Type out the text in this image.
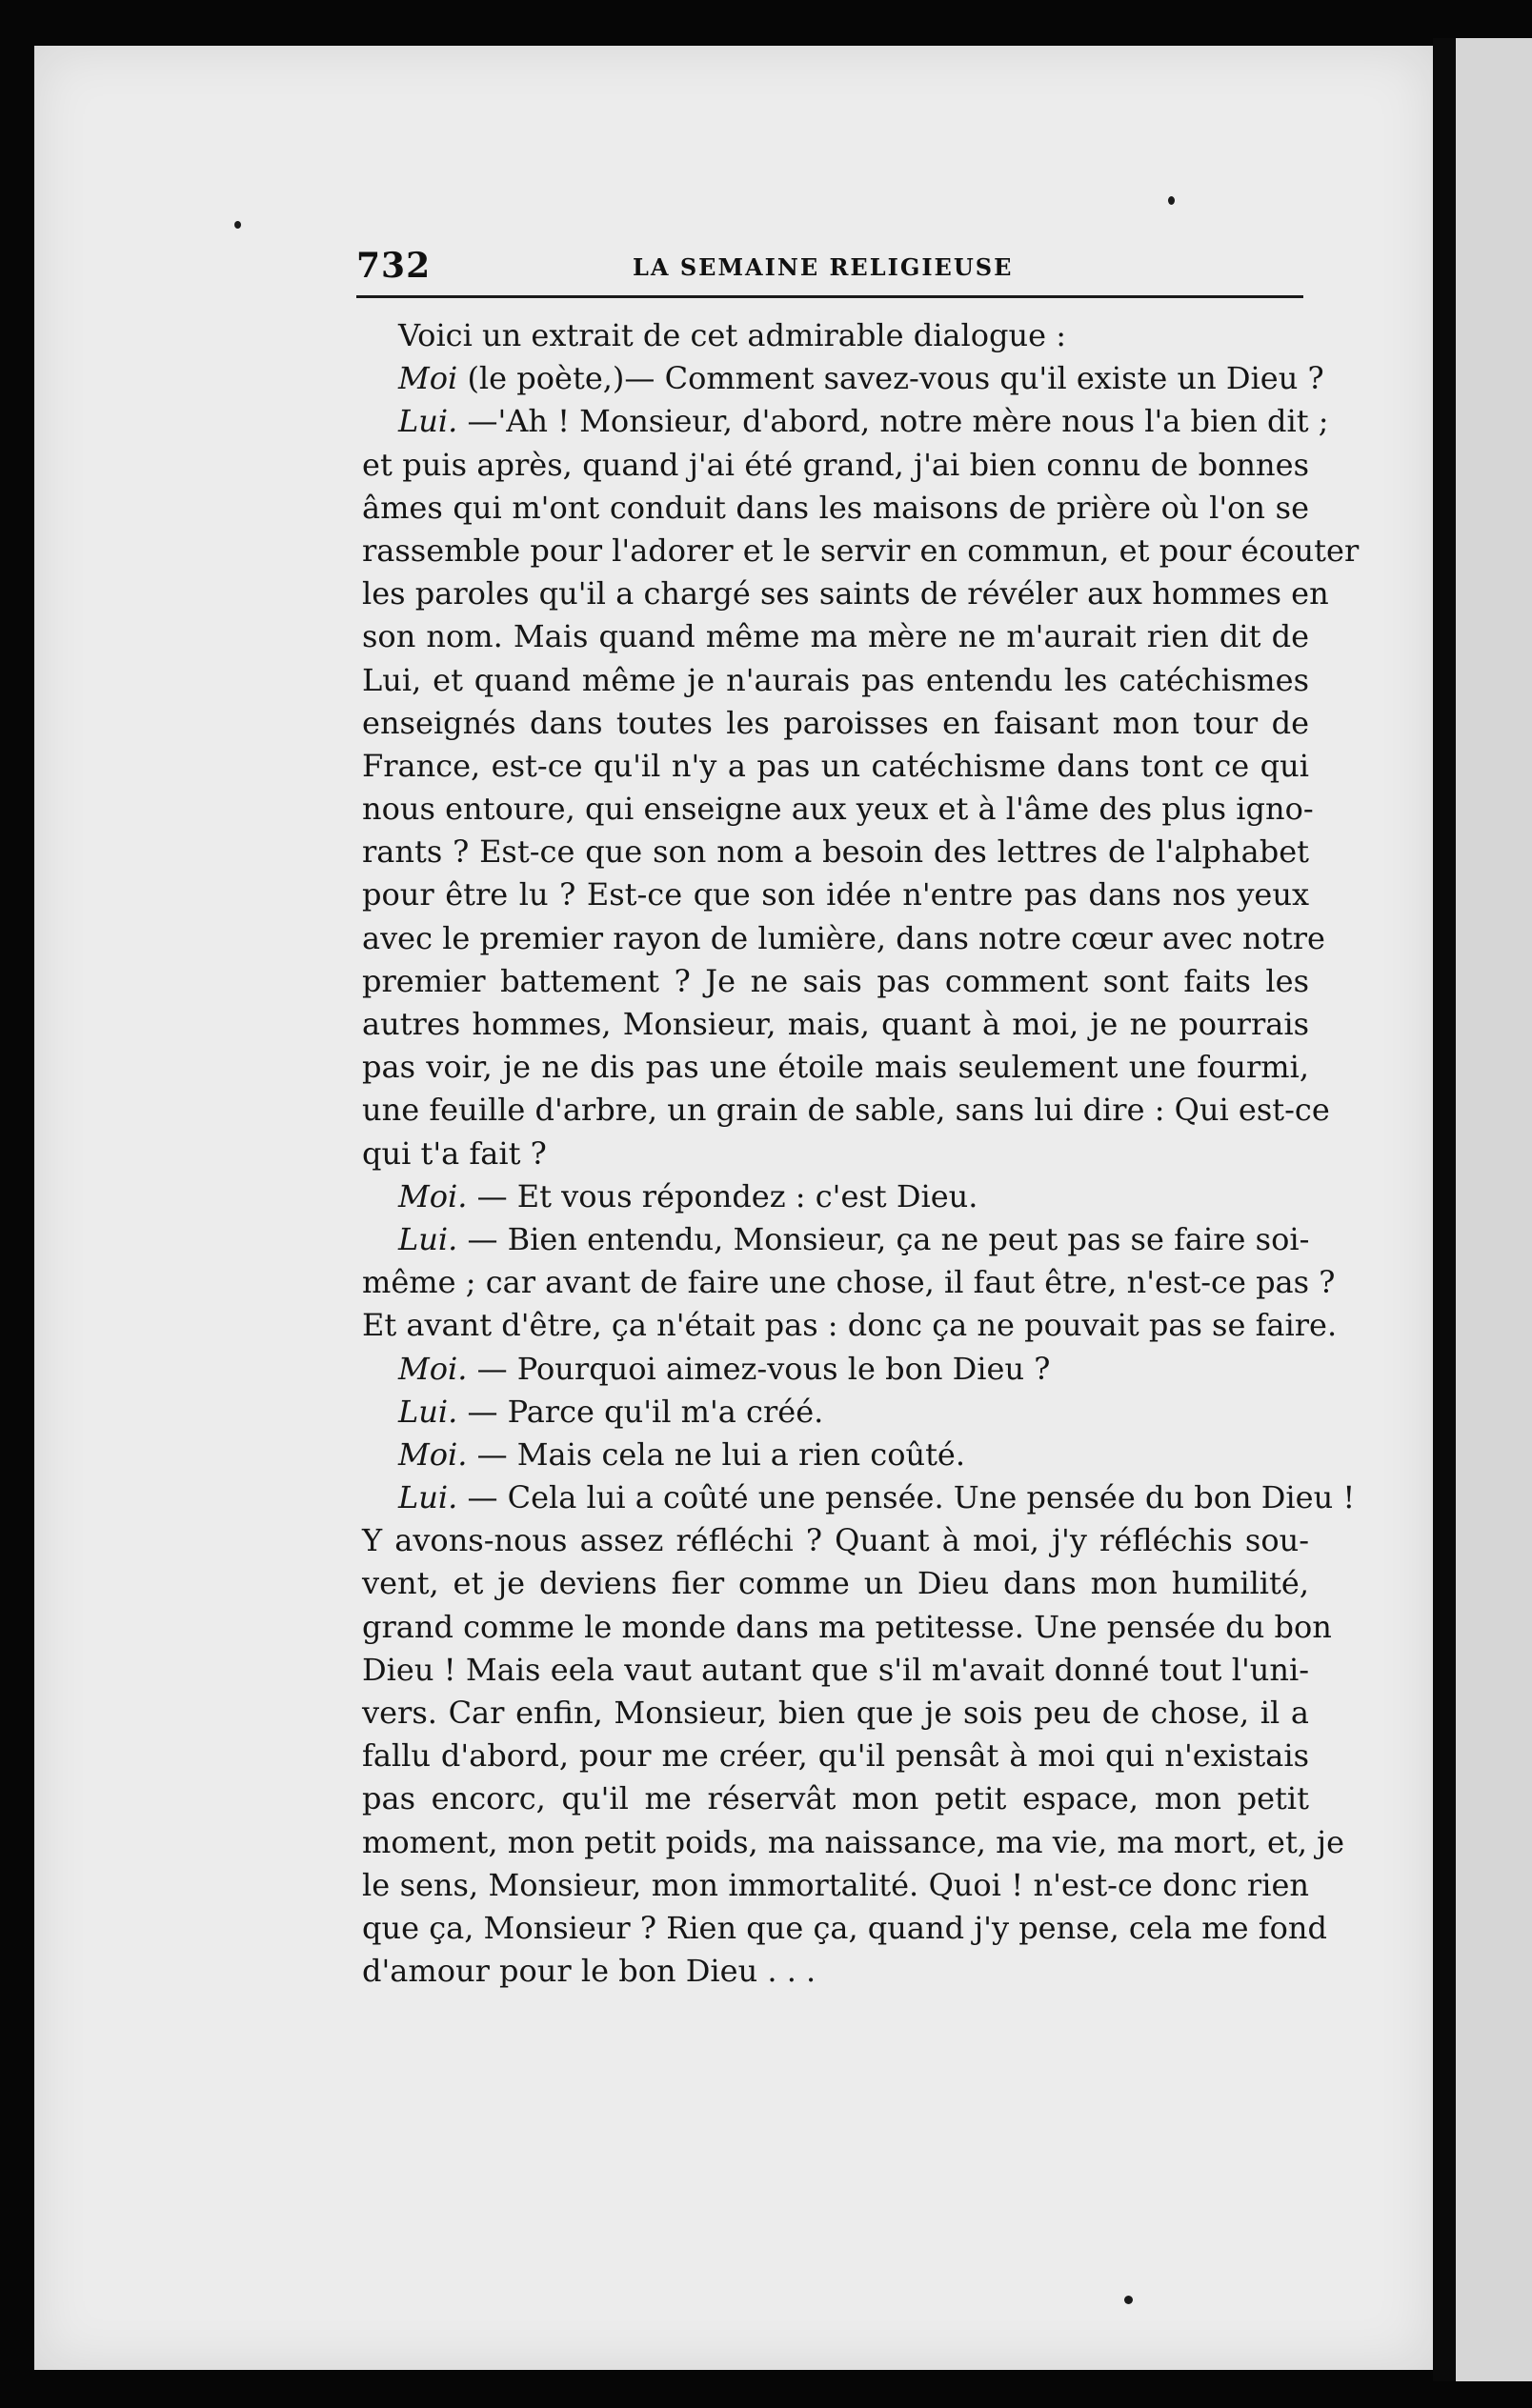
732	LA SEMAINE RELIGIEUSE
Voici un extrait de cet admirable dialogue :
Moi (le poète,)— Comment savez-vous qu'il existe un Dieu ?
Lui. —'Ah ! Monsieur, d'abord, notre mère nous l'a bien dit ;
et puis après, quand j'ai été grand, j'ai bien connu de bonnes
âmes qui m'ont conduit dans les maisons de prière où l'on se
rassemble pour l'adorer et le servir en commun, et pour écouter
les paroles qu'il a chargé ses saints de révéler aux hommes en
son nom. Mais quand même ma mère ne m'aurait rien dit de
Lui, et quand même je n'aurais pas entendu les catéchismes
enseignés dans toutes les paroisses en faisant mon tour de
France, est-ce qu'il n'y a pas un catéchisme dans tont ce qui
nous entoure, qui enseigne aux yeux et à l'âme des plus igno-
rants ? Est-ce que son nom a besoin des lettres de l'alphabet
pour être lu ? Est-ce que son idée n'entre pas dans nos yeux
avec le premier rayon de lumière, dans notre cœur avec notre
premier battement ? Je ne sais pas comment sont faits les
autres hommes, Monsieur, mais, quant à moi, je ne pourrais
pas voir, je ne dis pas une étoile mais seulement une fourmi,
une feuille d'arbre, un grain de sable, sans lui dire : Qui est-ce
qui t'a fait ?
Moi. — Et vous répondez : c'est Dieu.
Lui. — Bien entendu, Monsieur, ça ne peut pas se faire soi-
même ; car avant de faire une chose, il faut être, n'est-ce pas ?
Et avant d'être, ça n'était pas : donc ça ne pouvait pas se faire.
Moi. — Pourquoi aimez-vous le bon Dieu ?
Lui. — Parce qu'il m'a créé.
Moi. — Mais cela ne lui a rien coûté.
Lui. — Cela lui a coûté une pensée. Une pensée du bon Dieu !
Y avons-nous assez réfléchi ? Quant à moi, j'y réfléchis sou-
vent, et je deviens fier comme un Dieu dans mon humilité,
grand comme le monde dans ma petitesse. Une pensée du bon
Dieu ! Mais eela vaut autant que s'il m'avait donné tout l'uni-
vers. Car enfin, Monsieur, bien que je sois peu de chose, il a
fallu d'abord, pour me créer, qu'il pensât à moi qui n'existais
pas encorc, qu'il me réservât mon petit espace, mon petit
moment, mon petit poids, ma naissance, ma vie, ma mort, et, je
le sens, Monsieur, mon immortalité. Quoi ! n'est-ce donc rien
que ça, Monsieur ? Rien que ça, quand j'y pense, cela me fond
d'amour pour le bon Dieu . . .
